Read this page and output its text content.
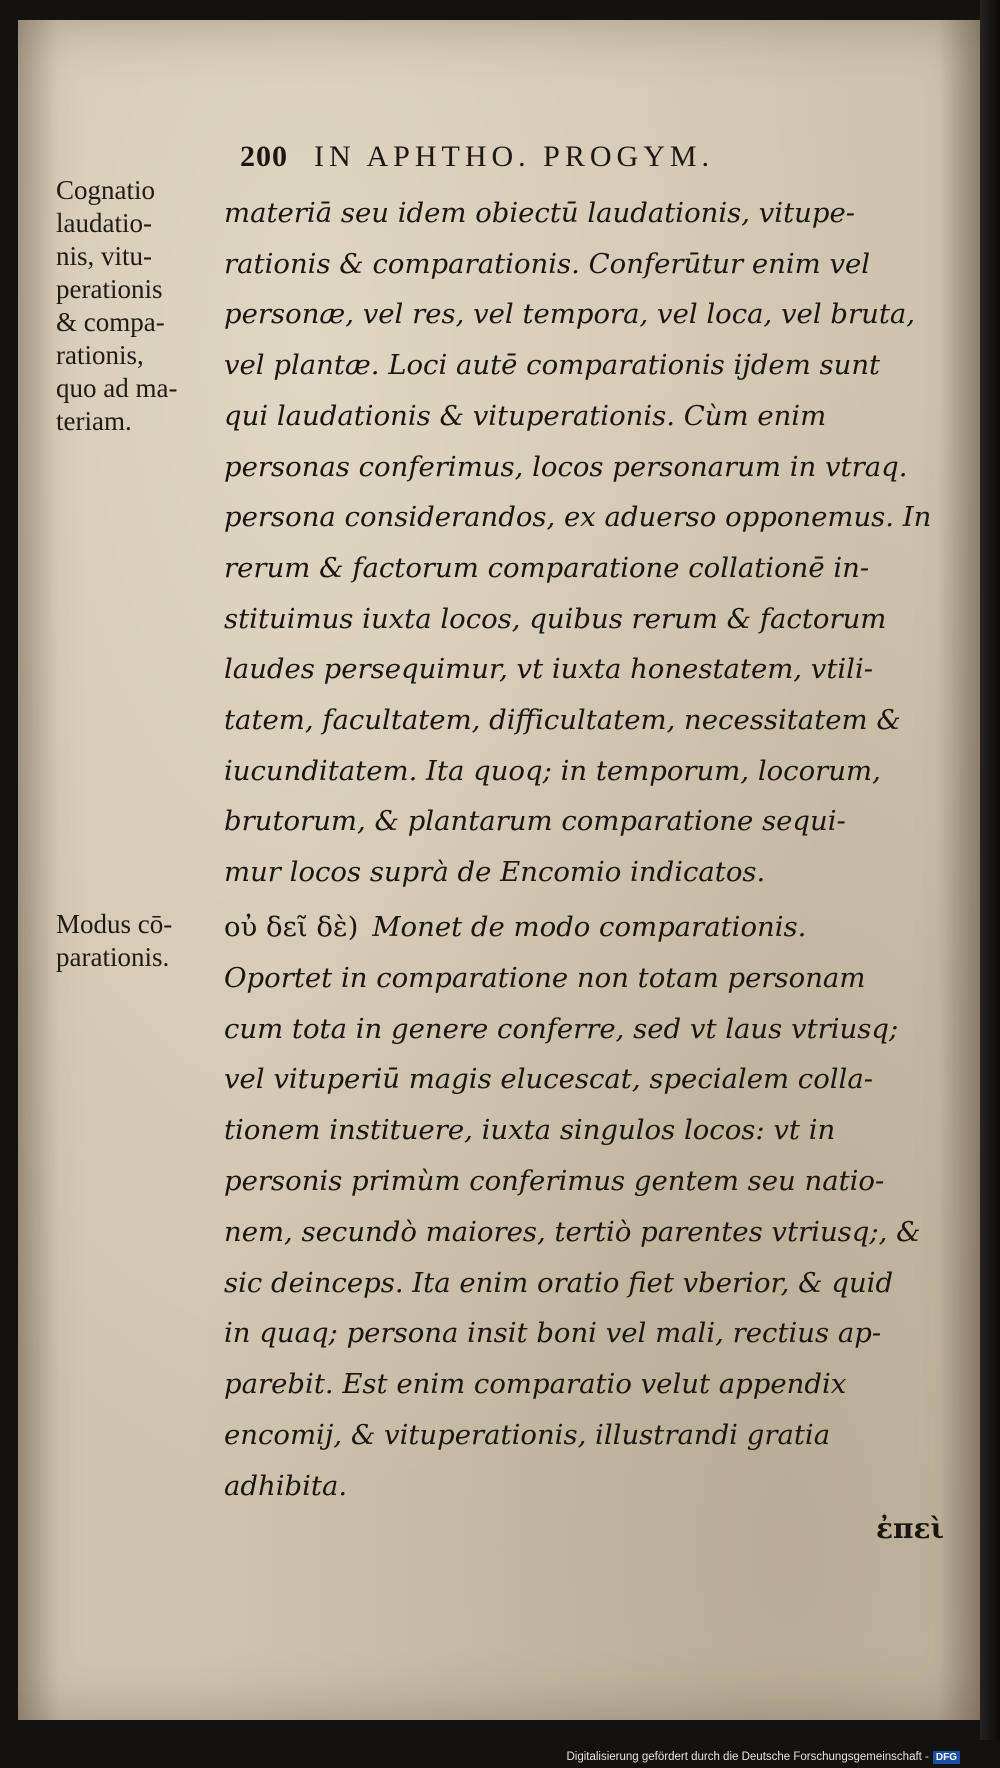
200 IN APHTHO. PROGYM.
Cognatio
laudatio-
nis, vitu-
perationis
& compa-
rationis,
quo ad ma-
teriam.
Modus cō-
parationis.
materiā seu idem obiectū laudationis, vitupe-
rationis & comparationis. Conferūtur enim vel
personæ, vel res, vel tempora, vel loca, vel bruta,
vel plantæ. Loci autē comparationis ijdem sunt
qui laudationis & vituperationis. Cùm enim
personas conferimus, locos personarum in vtraq.
persona considerandos, ex aduerso opponemus. In
rerum & factorum comparatione collationē in-
stituimus iuxta locos, quibus rerum & factorum
laudes persequimur, vt iuxta honestatem, vtili-
tatem, facultatem, difficultatem, necessitatem &
iucunditatem. Ita quoq; in temporum, locorum,
brutorum, & plantarum comparatione sequi-
mur locos suprà de Encomio indicatos.
οὐ δεῖ δὲ) Monet de modo comparationis.
Oportet in comparatione non totam personam
cum tota in genere conferre, sed vt laus vtriusq;
vel vituperiū magis elucescat, specialem colla-
tionem instituere, iuxta singulos locos: vt in
personis primùm conferimus gentem seu natio-
nem, secundò maiores, tertiò parentes vtriusq;, &
sic deinceps. Ita enim oratio fiet vberior, & quid
in quaq; persona insit boni vel mali, rectius ap-
parebit. Est enim comparatio velut appendix
encomij, & vituperationis, illustrandi gratia
adhibita.
ἐπεὶ
Digitalisierung gefördert durch die Deutsche Forschungsgemeinschaft - DFG
